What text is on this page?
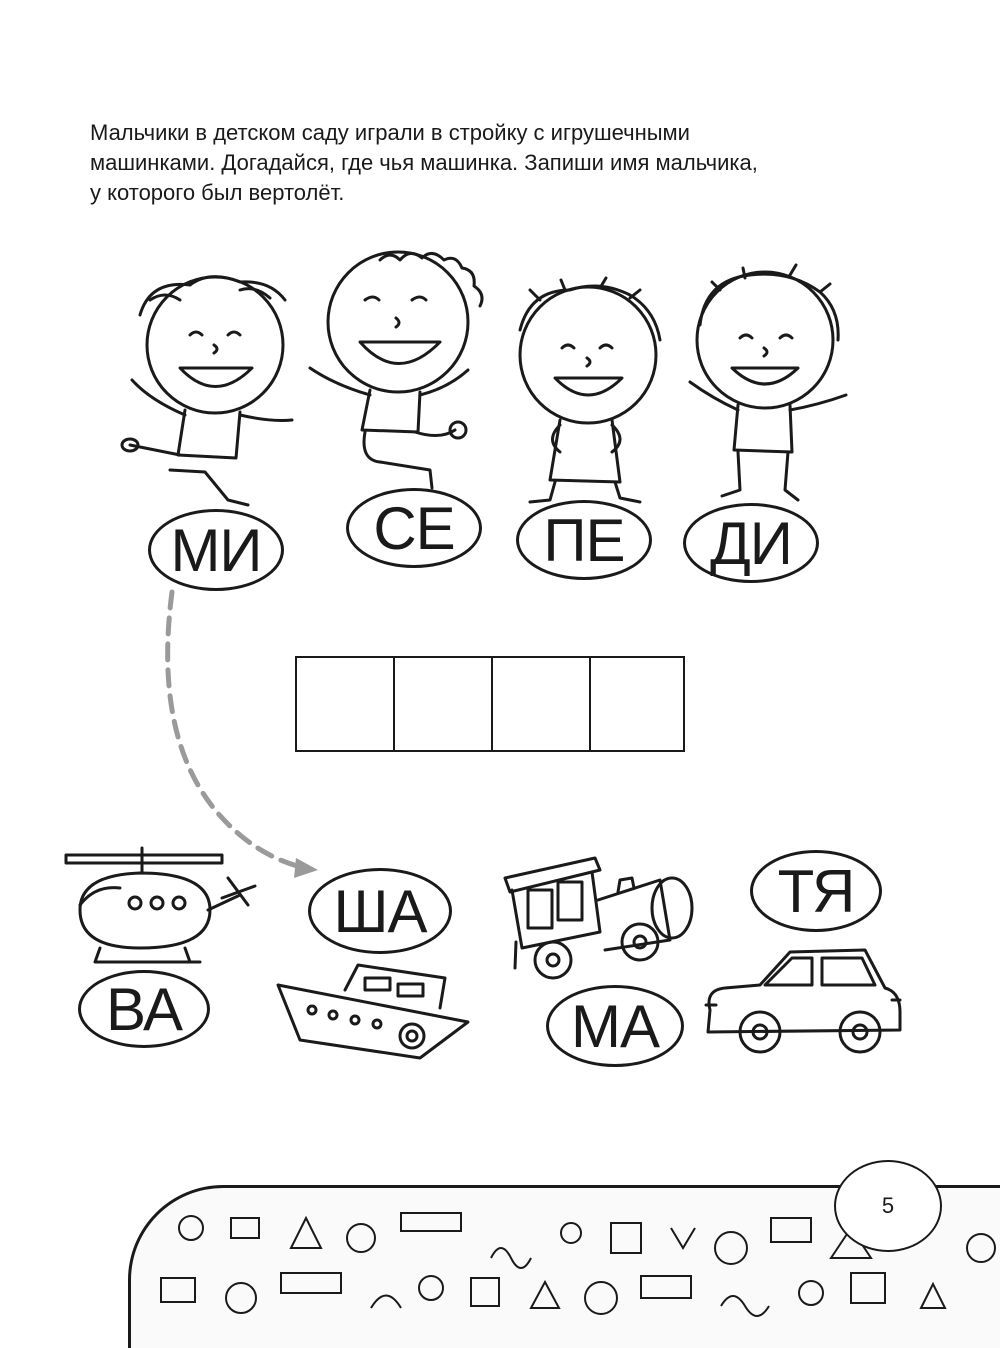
Мальчики в детском саду играли в стройку с игрушечными
машинками. Догадайся, где чья машинка. Запиши имя мальчика,
у которого был вертолёт.

МИ	СЕ	ПЕ	ДИ
ВА
ША
МА
ТЯ
5
